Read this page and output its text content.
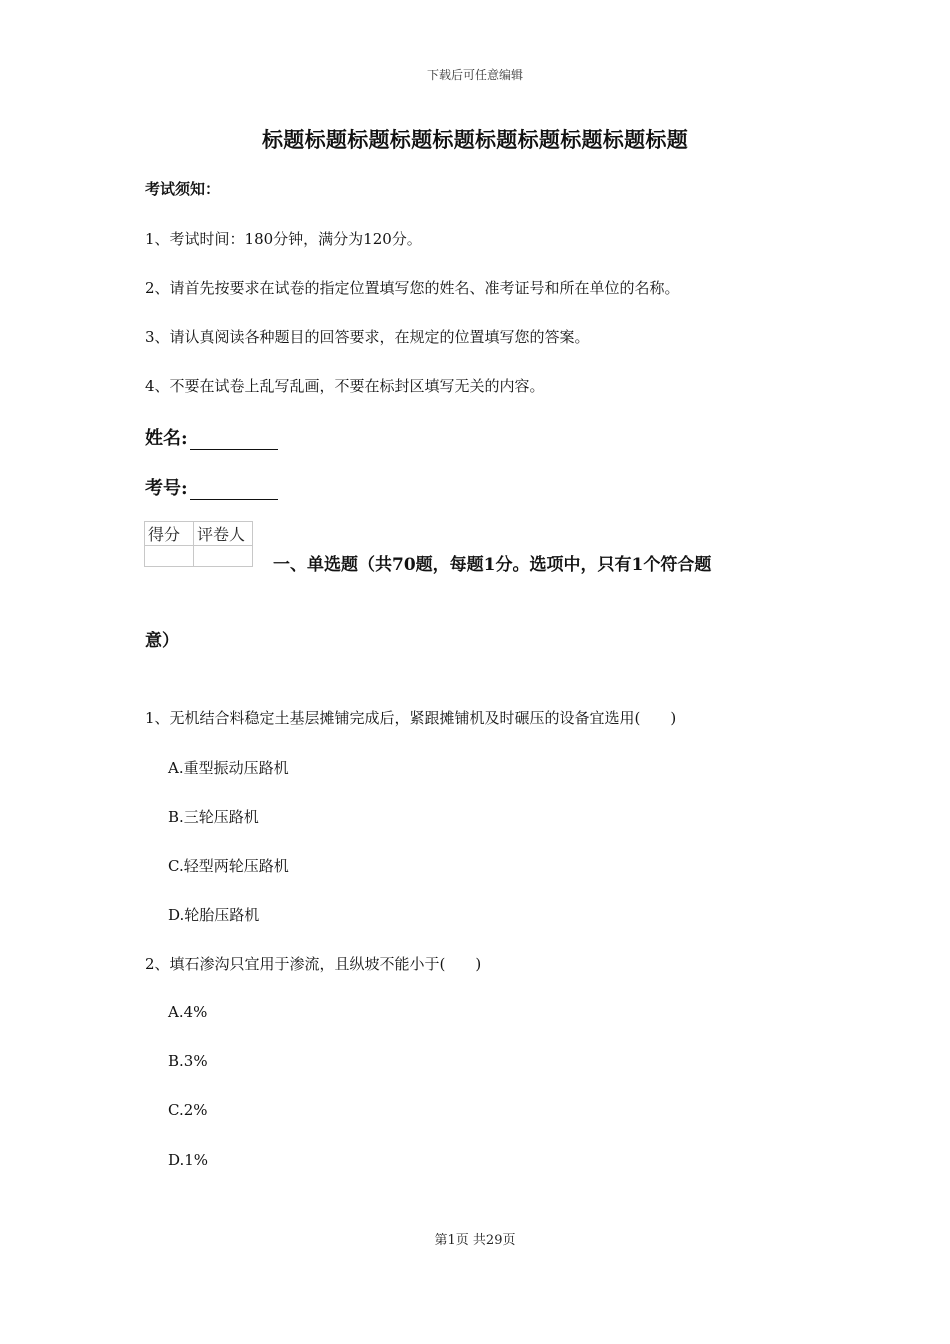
下载后可任意编辑
标题标题标题标题标题标题标题标题标题标题
考试须知：
1、考试时间：180分钟，满分为120分。
2、请首先按要求在试卷的指定位置填写您的姓名、准考证号和所在单位的名称。
3、请认真阅读各种题目的回答要求，在规定的位置填写您的答案。
4、不要在试卷上乱写乱画，不要在标封区填写无关的内容。
姓名:
考号:
得分	评卷人

一、单选题（共70题，每题1分。选项中，只有1个符合题
意）
1、无机结合料稳定土基层摊铺完成后，紧跟摊铺机及时碾压的设备宜选用(　　)
A.重型振动压路机
B.三轮压路机
C.轻型两轮压路机
D.轮胎压路机
2、填石渗沟只宜用于渗流，且纵坡不能小于(　　)
A.4%
B.3%
C.2%
D.1%
第1页 共29页
